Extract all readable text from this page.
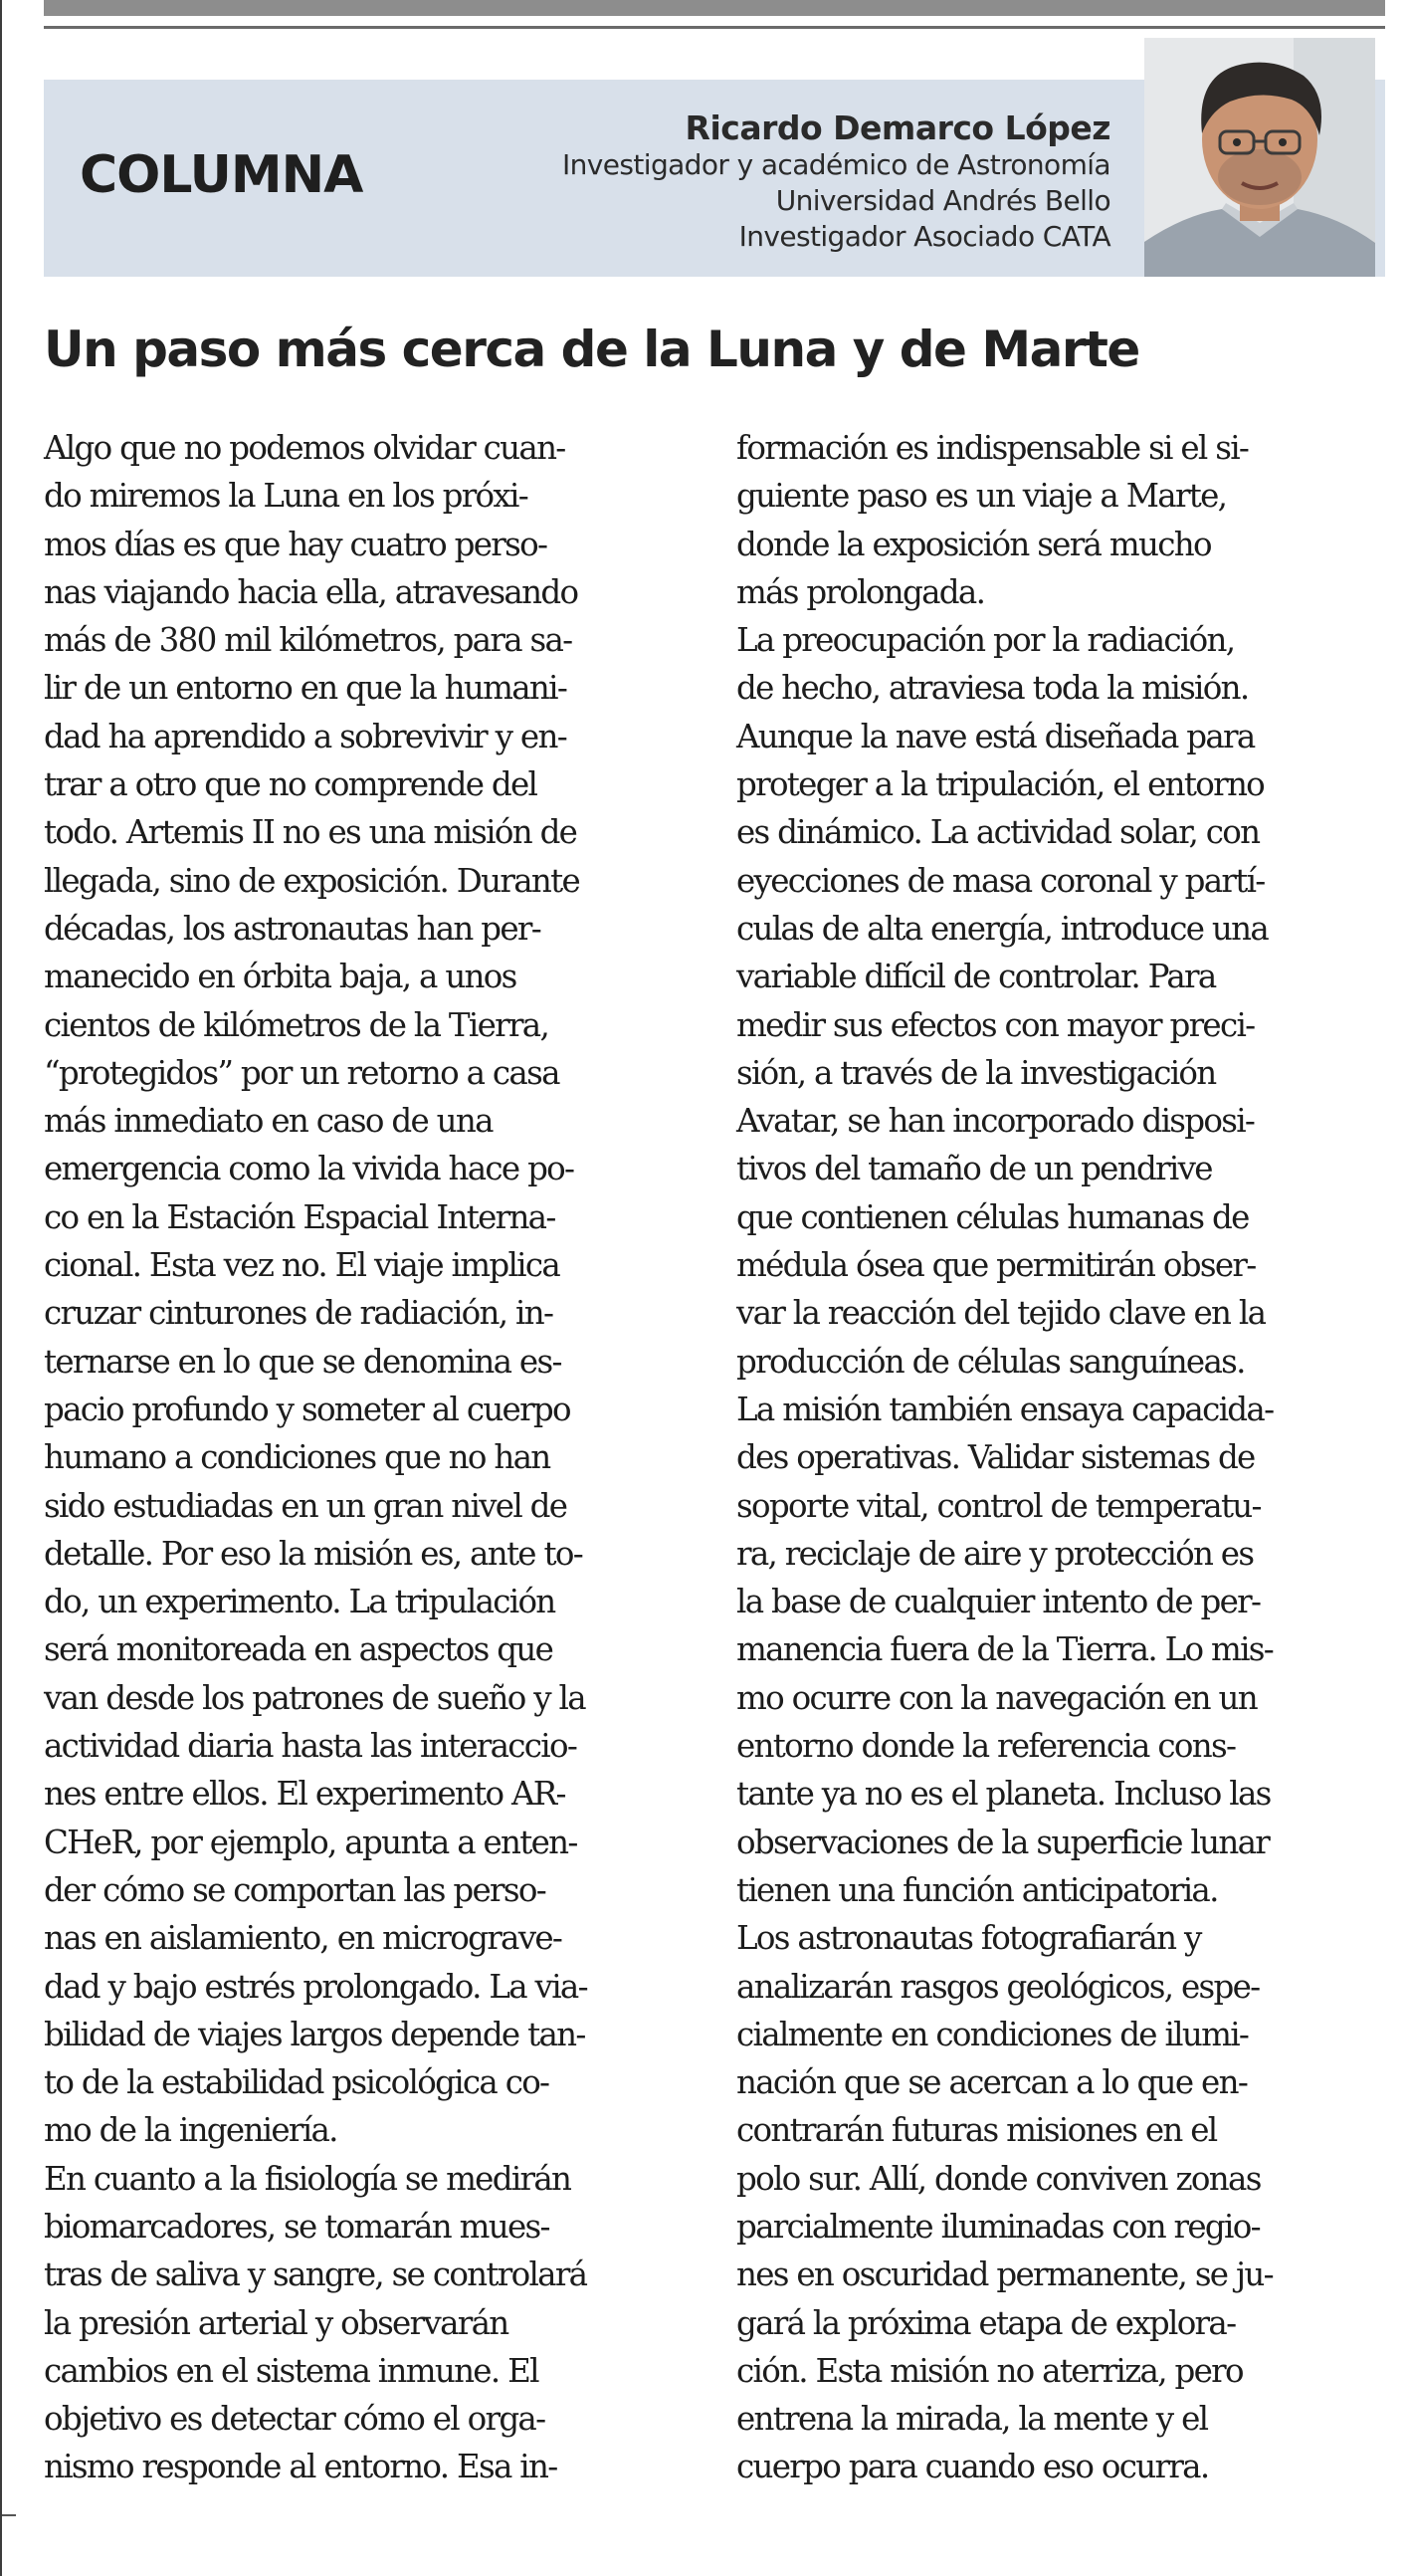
COLUMNA
Ricardo Demarco López
Investigador y académico de Astronomía
Universidad Andrés Bello
Investigador Asociado CATA
Un paso más cerca de la Luna y de Marte
Algo que no podemos olvidar cuan-
do miremos la Luna en los próxi-
mos días es que hay cuatro perso-
nas viajando hacia ella, atravesando
más de 380 mil kilómetros, para sa-
lir de un entorno en que la humani-
dad ha aprendido a sobrevivir y en-
trar a otro que no comprende del
todo. Artemis II no es una misión de
llegada, sino de exposición. Durante
décadas, los astronautas han per-
manecido en órbita baja, a unos
cientos de kilómetros de la Tierra,
“protegidos” por un retorno a casa
más inmediato en caso de una
emergencia como la vivida hace po-
co en la Estación Espacial Interna-
cional. Esta vez no. El viaje implica
cruzar cinturones de radiación, in-
ternarse en lo que se denomina es-
pacio profundo y someter al cuerpo
humano a condiciones que no han
sido estudiadas en un gran nivel de
detalle. Por eso la misión es, ante to-
do, un experimento. La tripulación
será monitoreada en aspectos que
van desde los patrones de sueño y la
actividad diaria hasta las interaccio-
nes entre ellos. El experimento AR-
CHeR, por ejemplo, apunta a enten-
der cómo se comportan las perso-
nas en aislamiento, en micrograve-
dad y bajo estrés prolongado. La via-
bilidad de viajes largos depende tan-
to de la estabilidad psicológica co-
mo de la ingeniería.
En cuanto a la fisiología se medirán
biomarcadores, se tomarán mues-
tras de saliva y sangre, se controlará
la presión arterial y observarán
cambios en el sistema inmune. El
objetivo es detectar cómo el orga-
nismo responde al entorno. Esa in-
formación es indispensable si el si-
guiente paso es un viaje a Marte,
donde la exposición será mucho
más prolongada.
La preocupación por la radiación,
de hecho, atraviesa toda la misión.
Aunque la nave está diseñada para
proteger a la tripulación, el entorno
es dinámico. La actividad solar, con
eyecciones de masa coronal y partí-
culas de alta energía, introduce una
variable difícil de controlar. Para
medir sus efectos con mayor preci-
sión, a través de la investigación
Avatar, se han incorporado disposi-
tivos del tamaño de un pendrive
que contienen células humanas de
médula ósea que permitirán obser-
var la reacción del tejido clave en la
producción de células sanguíneas.
La misión también ensaya capacida-
des operativas. Validar sistemas de
soporte vital, control de temperatu-
ra, reciclaje de aire y protección es
la base de cualquier intento de per-
manencia fuera de la Tierra. Lo mis-
mo ocurre con la navegación en un
entorno donde la referencia cons-
tante ya no es el planeta. Incluso las
observaciones de la superficie lunar
tienen una función anticipatoria.
Los astronautas fotografiarán y
analizarán rasgos geológicos, espe-
cialmente en condiciones de ilumi-
nación que se acercan a lo que en-
contrarán futuras misiones en el
polo sur. Allí, donde conviven zonas
parcialmente iluminadas con regio-
nes en oscuridad permanente, se ju-
gará la próxima etapa de explora-
ción. Esta misión no aterriza, pero
entrena la mirada, la mente y el
cuerpo para cuando eso ocurra.
